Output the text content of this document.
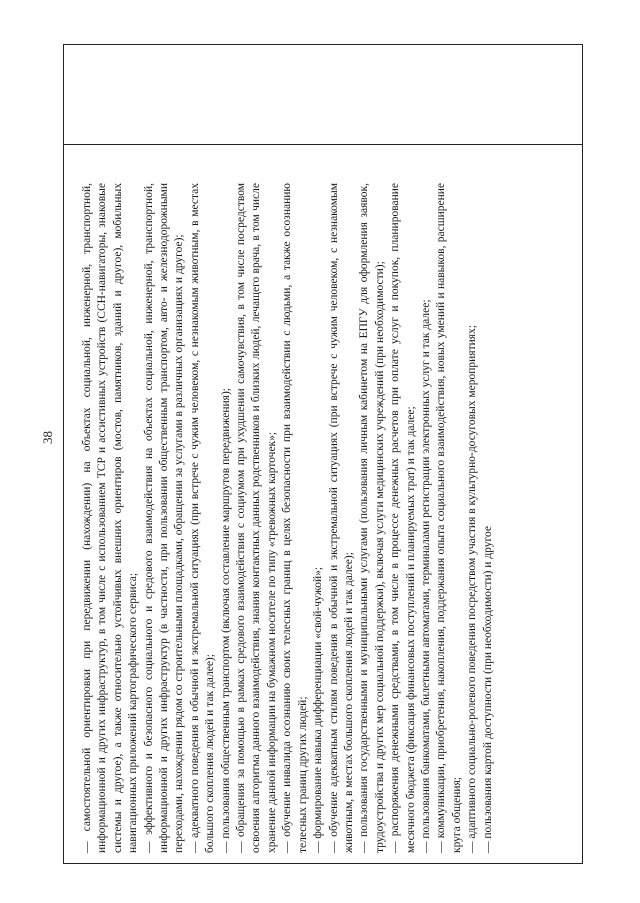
38 — самостоятельной ориентировки при передвижении (нахождении) на объектах социальной, инженерной, транспортной, информационной и других инфраструктур, в том числе с использованием ТСР и ассистивных устройств (ССН-навигаторы, знаковые системы и другое), а также относительно устойчивых внешних ориентиров (мостов, памятников, зданий и другое), мобильных навигационных приложений картографического сервиса; — эффективного и безопасного социального и средового взаимодействия на объектах социальной, инженерной, транспортной, информационной и других инфраструктур (в частности, при пользовании общественным транспортом, авто- и железнодорожными переходами, нахождении рядом со строительными площадками, обращении за услугами в различных организациях и другое); — адекватного поведения в обычной и экстремальной ситуациях (при встрече с чужим человеком, с незнакомым животным, в местах большого скопления людей и так далее); — пользования общественным транспортом (включая составление маршрутов передвижения); — обращения за помощью в рамках средового взаимодействия с социумом при ухудшении самочувствия, в том числе посредством освоения алгоритма данного взаимодействия, знания контактных данных родственников и близких людей, лечащего врача, в том числе хранение данной информации на бумажном носителе по типу «тревожных карточек»; — обучение инвалида осознанию своих телесных границ в целях безопасности при взаимодействии с людьми, а также осознанию телесных границ других людей; — формирование навыка дифференциации «свой-чужой»; — обучение адекватным стилям поведения в обычной и экстремальной ситуациях (при встрече с чужим человеком, с незнакомым животным, в местах большого скопления людей и так далее); — пользования государственными и муниципальными услугами (пользования личным кабинетом на ЕПГУ для оформления заявок, трудоустройства и других мер социальной поддержки), включая услуги медицинских учреждений (при необходимости); — распоряжения денежными средствами, в том числе в процессе денежных расчетов при оплате услуг и покупок, планирование месячного бюджета (фиксация финансовых поступлений и планируемых трат) и так далее; — пользования банкоматами, билетными автоматами, терминалами регистрации электронных услуг и так далее; — коммуникации, приобретения, накопления, поддержания опыта социального взаимодействия, новых умений и навыков, расширение круга общения; — адаптивного социально-ролевого поведения посредством участия в культурно-досуговых мероприятиях; — пользования картой доступности (при необходимости) и другое
